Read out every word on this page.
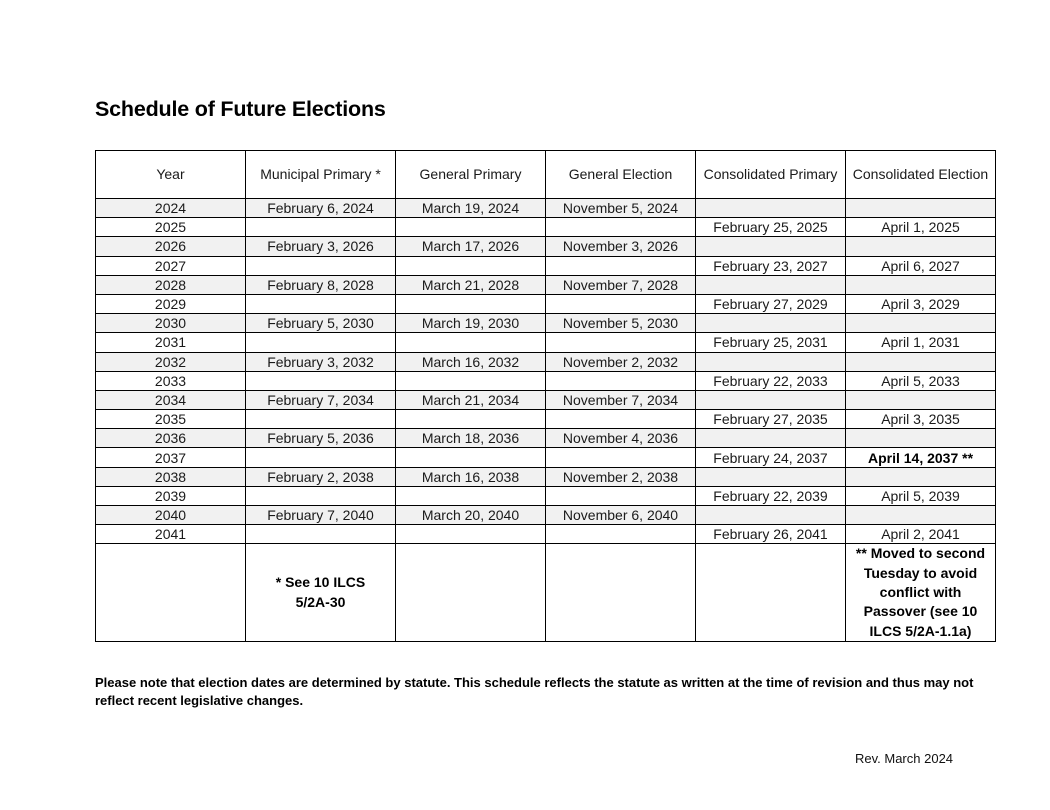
Schedule of Future Elections
Year	Municipal Primary *	General Primary	General Election	Consolidated Primary	Consolidated Election
2024	February 6, 2024	March 19, 2024	November 5, 2024		
2025				February 25, 2025	April 1, 2025
2026	February 3, 2026	March 17, 2026	November 3, 2026		
2027				February 23, 2027	April 6, 2027
2028	February 8, 2028	March 21, 2028	November 7, 2028		
2029				February 27, 2029	April 3, 2029
2030	February 5, 2030	March 19, 2030	November 5, 2030		
2031				February 25, 2031	April 1, 2031
2032	February 3, 2032	March 16, 2032	November 2, 2032		
2033				February 22, 2033	April 5, 2033
2034	February 7, 2034	March 21, 2034	November 7, 2034		
2035				February 27, 2035	April 3, 2035
2036	February 5, 2036	March 18, 2036	November 4, 2036		
2037				February 24, 2037	April 14, 2037 **
2038	February 2, 2038	March 16, 2038	November 2, 2038		
2039				February 22, 2039	April 5, 2039
2040	February 7, 2040	March 20, 2040	November 6, 2040		
2041				February 26, 2041	April 2, 2041

	* See 10 ILCS 5/2A-30				** Moved to second Tuesday to avoid conflict with Passover (see 10 ILCS 5/2A-1.1a)

Please note that election dates are determined by statute. This schedule reflects the statute as written at the time of revision and thus may not reflect recent legislative changes.

Rev. March 2024
